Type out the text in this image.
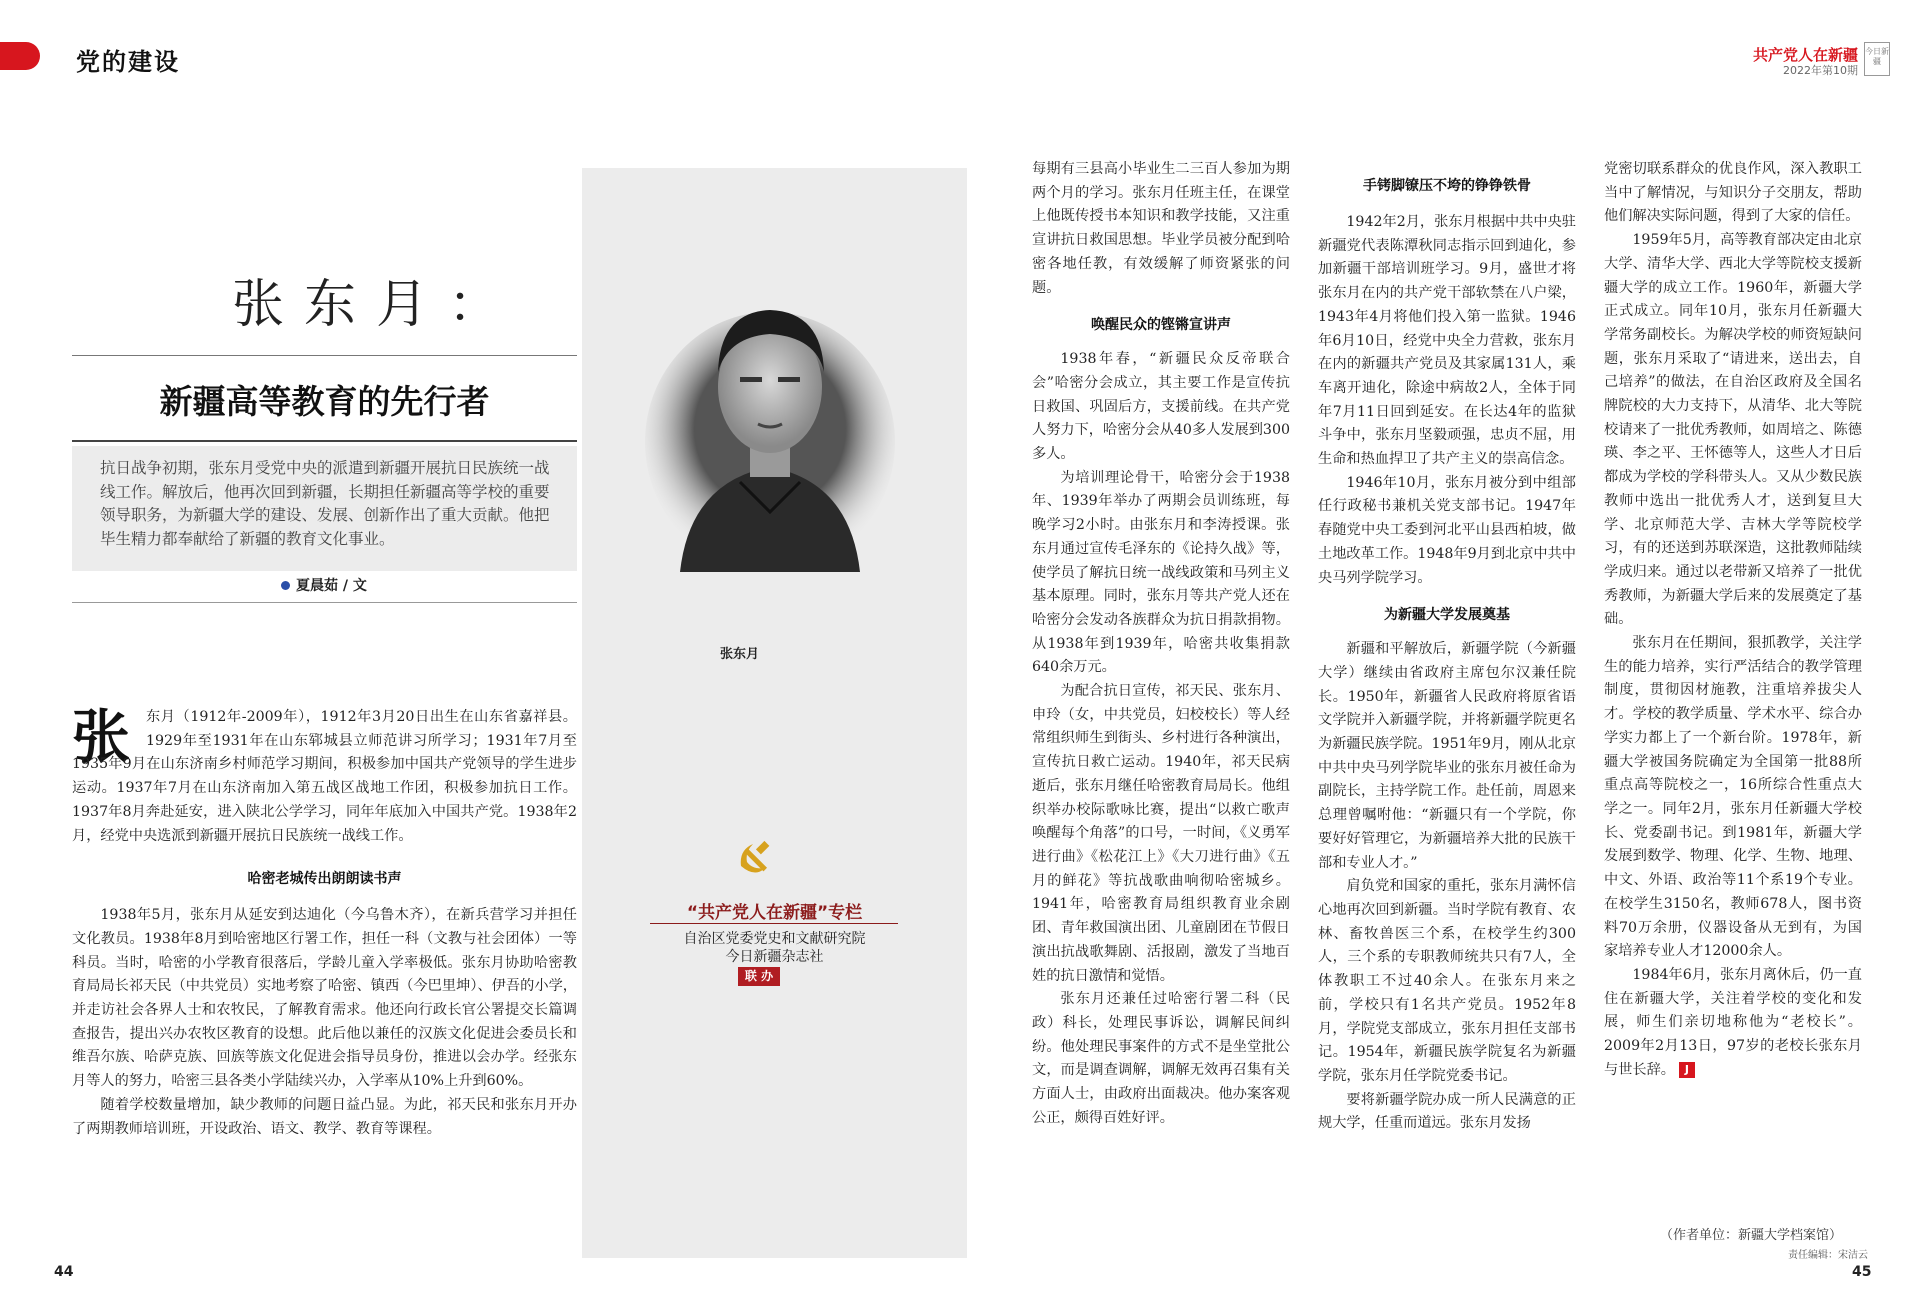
党的建设	共产党人在新疆
2022年第10期
今日新疆
张东月：
新疆高等教育的先行者
抗日战争初期，张东月受党中央的派遣到新疆开展抗日民族统一战线工作。解放后，他再次回到新疆，长期担任新疆高等学校的重要领导职务，为新疆大学的建设、发展、创新作出了重大贡献。他把毕生精力都奉献给了新疆的教育文化事业。
夏晨茹 / 文
张	东月（1912年-2009年），1912年3月20日出生在山东省嘉祥县。1929年至1931年在山东郓城县立师范讲习所学习；1931年7月至1935年9月在山东济南乡村师范学习期间，积极参加中国共产党领导的学生进步运动。1937年7月在山东济南加入第五战区战地工作团，积极参加抗日工作。1937年8月奔赴延安，进入陕北公学学习，同年年底加入中国共产党。1938年2月，经党中央选派到新疆开展抗日民族统一战线工作。
哈密老城传出朗朗读书声
1938年5月，张东月从延安到达迪化（今乌鲁木齐），在新兵营学习并担任文化教员。1938年8月到哈密地区行署工作，担任一科（文教与社会团体）一等科员。当时，哈密的小学教育很落后，学龄儿童入学率极低。张东月协助哈密教育局局长祁天民（中共党员）实地考察了哈密、镇西（今巴里坤）、伊吾的小学，并走访社会各界人士和农牧民，了解教育需求。他还向行政长官公署提交长篇调查报告，提出兴办农牧区教育的设想。此后他以兼任的汉族文化促进会委员长和维吾尔族、哈萨克族、回族等族文化促进会指导员身份，推进以会办学。经张东月等人的努力，哈密三县各类小学陆续兴办，入学率从10%上升到60%。
随着学校数量增加，缺少教师的问题日益凸显。为此，祁天民和张东月开办了两期教师培训班，开设政治、语文、教学、教育等课程。
张东月
“共产党人在新疆”专栏
自治区党委党史和文献研究院
今日新疆杂志社
联 办
每期有三县高小毕业生二三百人参加为期两个月的学习。张东月任班主任，在课堂上他既传授书本知识和教学技能，又注重宣讲抗日救国思想。毕业学员被分配到哈密各地任教，有效缓解了师资紧张的问题。
唤醒民众的铿锵宣讲声
1938年春，“新疆民众反帝联合会”哈密分会成立，其主要工作是宣传抗日救国、巩固后方，支援前线。在共产党人努力下，哈密分会从40多人发展到300多人。
为培训理论骨干，哈密分会于1938年、1939年举办了两期会员训练班，每晚学习2小时。由张东月和李涛授课。张东月通过宣传毛泽东的《论持久战》等，使学员了解抗日统一战线政策和马列主义基本原理。同时，张东月等共产党人还在哈密分会发动各族群众为抗日捐款捐物。从1938年到1939年，哈密共收集捐款640余万元。
为配合抗日宣传，祁天民、张东月、申玲（女，中共党员，妇校校长）等人经常组织师生到街头、乡村进行各种演出，宣传抗日救亡运动。1940年，祁天民病逝后，张东月继任哈密教育局局长。他组织举办校际歌咏比赛，提出“以救亡歌声唤醒每个角落”的口号，一时间，《义勇军进行曲》《松花江上》《大刀进行曲》《五月的鲜花》等抗战歌曲响彻哈密城乡。1941年，哈密教育局组织教育业余剧团、青年救国演出团、儿童剧团在节假日演出抗战歌舞剧、活报剧，激发了当地百姓的抗日激情和觉悟。
张东月还兼任过哈密行署二科（民政）科长，处理民事诉讼，调解民间纠纷。他处理民事案件的方式不是坐堂批公文，而是调查调解，调解无效再召集有关方面人士，由政府出面裁决。他办案客观公正，颇得百姓好评。
手铐脚镣压不垮的铮铮铁骨
1942年2月，张东月根据中共中央驻新疆党代表陈潭秋同志指示回到迪化，参加新疆干部培训班学习。9月，盛世才将张东月在内的共产党干部软禁在八户梁，1943年4月将他们投入第一监狱。1946年6月10日，经党中央全力营救，张东月在内的新疆共产党员及其家属131人，乘车离开迪化，除途中病故2人，全体于同年7月11日回到延安。在长达4年的监狱斗争中，张东月坚毅顽强，忠贞不屈，用生命和热血捍卫了共产主义的崇高信念。
1946年10月，张东月被分到中组部任行政秘书兼机关党支部书记。1947年春随党中央工委到河北平山县西柏坡，做土地改革工作。1948年9月到北京中共中央马列学院学习。
为新疆大学发展奠基
新疆和平解放后，新疆学院（今新疆大学）继续由省政府主席包尔汉兼任院长。1950年，新疆省人民政府将原省语文学院并入新疆学院，并将新疆学院更名为新疆民族学院。1951年9月，刚从北京中共中央马列学院毕业的张东月被任命为副院长，主持学院工作。赴任前，周恩来总理曾嘱咐他：“新疆只有一个学院，你要好好管理它，为新疆培养大批的民族干部和专业人才。”
肩负党和国家的重托，张东月满怀信心地再次回到新疆。当时学院有教育、农林、畜牧兽医三个系，在校学生约300人，三个系的专职教师统共只有7人，全体教职工不过40余人。在张东月来之前，学校只有1名共产党员。1952年8月，学院党支部成立，张东月担任支部书记。1954年，新疆民族学院复名为新疆学院，张东月任学院党委书记。
要将新疆学院办成一所人民满意的正规大学，任重而道远。张东月发扬
党密切联系群众的优良作风，深入教职工当中了解情况，与知识分子交朋友，帮助他们解决实际问题，得到了大家的信任。
1959年5月，高等教育部决定由北京大学、清华大学、西北大学等院校支援新疆大学的成立工作。1960年，新疆大学正式成立。同年10月，张东月任新疆大学常务副校长。为解决学校的师资短缺问题，张东月采取了“请进来，送出去，自己培养”的做法，在自治区政府及全国名牌院校的大力支持下，从清华、北大等院校请来了一批优秀教师，如周培之、陈德瑛、李之平、王怀德等人，这些人才日后都成为学校的学科带头人。又从少数民族教师中选出一批优秀人才，送到复旦大学、北京师范大学、吉林大学等院校学习，有的还送到苏联深造，这批教师陆续学成归来。通过以老带新又培养了一批优秀教师，为新疆大学后来的发展奠定了基础。
张东月在任期间，狠抓教学，关注学生的能力培养，实行严活结合的教学管理制度，贯彻因材施教，注重培养拔尖人才。学校的教学质量、学术水平、综合办学实力都上了一个新台阶。1978年，新疆大学被国务院确定为全国第一批88所重点高等院校之一，16所综合性重点大学之一。同年2月，张东月任新疆大学校长、党委副书记。到1981年，新疆大学发展到数学、物理、化学、生物、地理、中文、外语、政治等11个系19个专业。在校学生3150名，教师678人，图书资料70万余册，仪器设备从无到有，为国家培养专业人才12000余人。
1984年6月，张东月离休后，仍一直住在新疆大学，关注着学校的变化和发展，师生们亲切地称他为“老校长”。2009年2月13日，97岁的老校长张东月与世长辞。 J
（作者单位：新疆大学档案馆）
责任编辑：宋洁云
44	45
